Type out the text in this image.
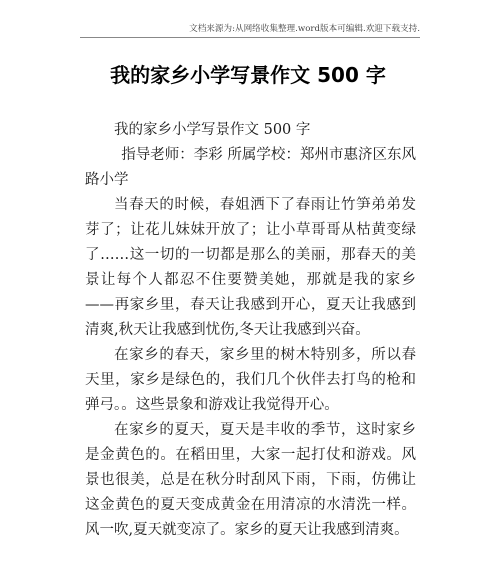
文档来源为:从网络收集整理.word版本可编辑.欢迎下载支持.
我的家乡小学写景作文 500 字

我的家乡小学写景作文 500 字

指导老师：李彩 所属学校：郑州市惠济区东风路小学

当春天的时候，春姐洒下了春雨让竹笋弟弟发芽了；让花儿妹妹开放了；让小草哥哥从枯黄变绿了……这一切的一切都是那么的美丽，那春天的美景让每个人都忍不住要赞美她，那就是我的家乡——再家乡里，春天让我感到开心，夏天让我感到清爽,秋天让我感到忧伤,冬天让我感到兴奋。

在家乡的春天，家乡里的树木特别多，所以春天里，家乡是绿色的，我们几个伙伴去打鸟的枪和弹弓。。这些景象和游戏让我觉得开心。

在家乡的夏天，夏天是丰收的季节，这时家乡是金黄色的。在稻田里，大家一起打仗和游戏。风景也很美，总是在秋分时刮风下雨，下雨，仿佛让这金黄色的夏天变成黄金在用清凉的水清洗一样。风一吹,夏天就变凉了。家乡的夏天让我感到清爽。
